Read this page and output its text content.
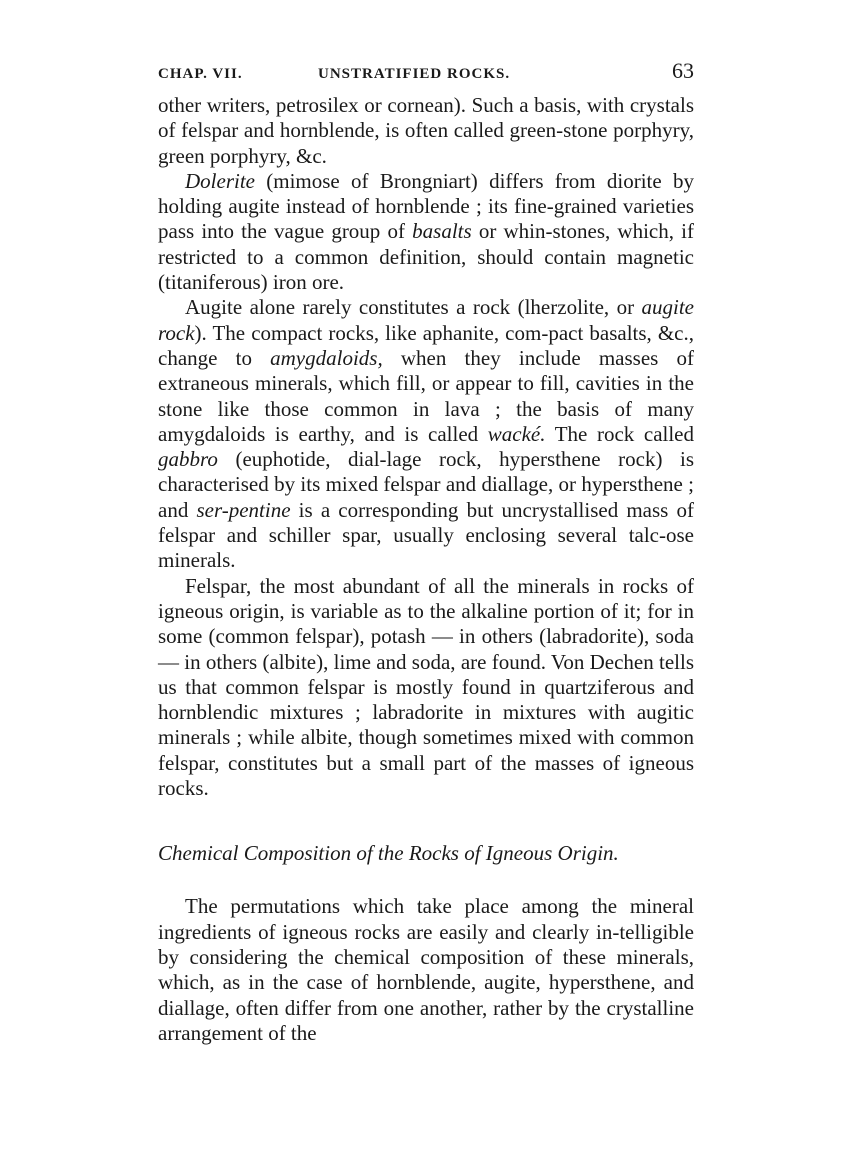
CHAP. VII.	UNSTRATIFIED ROCKS.	63

other writers, petrosilex or cornean). Such a basis, with crystals of felspar and hornblende, is often called green-stone porphyry, green porphyry, &c.

Dolerite (mimose of Brongniart) differs from diorite by holding augite instead of hornblende ; its fine-grained varieties pass into the vague group of basalts or whin-stones, which, if restricted to a common definition, should contain magnetic (titaniferous) iron ore.

Augite alone rarely constitutes a rock (lherzolite, or augite rock). The compact rocks, like aphanite, com-pact basalts, &c., change to amygdaloids, when they include masses of extraneous minerals, which fill, or appear to fill, cavities in the stone like those common in lava ; the basis of many amygdaloids is earthy, and is called wacké. The rock called gabbro (euphotide, dial-lage rock, hypersthene rock) is characterised by its mixed felspar and diallage, or hypersthene ; and ser-pentine is a corresponding but uncrystallised mass of felspar and schiller spar, usually enclosing several talc-ose minerals.

Felspar, the most abundant of all the minerals in rocks of igneous origin, is variable as to the alkaline portion of it; for in some (common felspar), potash — in others (labradorite), soda — in others (albite), lime and soda, are found. Von Dechen tells us that common felspar is mostly found in quartziferous and hornblendic mixtures ; labradorite in mixtures with augitic minerals ; while albite, though sometimes mixed with common felspar, constitutes but a small part of the masses of igneous rocks.

Chemical Composition of the Rocks of Igneous Origin.

The permutations which take place among the mineral ingredients of igneous rocks are easily and clearly in-telligible by considering the chemical composition of these minerals, which, as in the case of hornblende, augite, hypersthene, and diallage, often differ from one another, rather by the crystalline arrangement of the
